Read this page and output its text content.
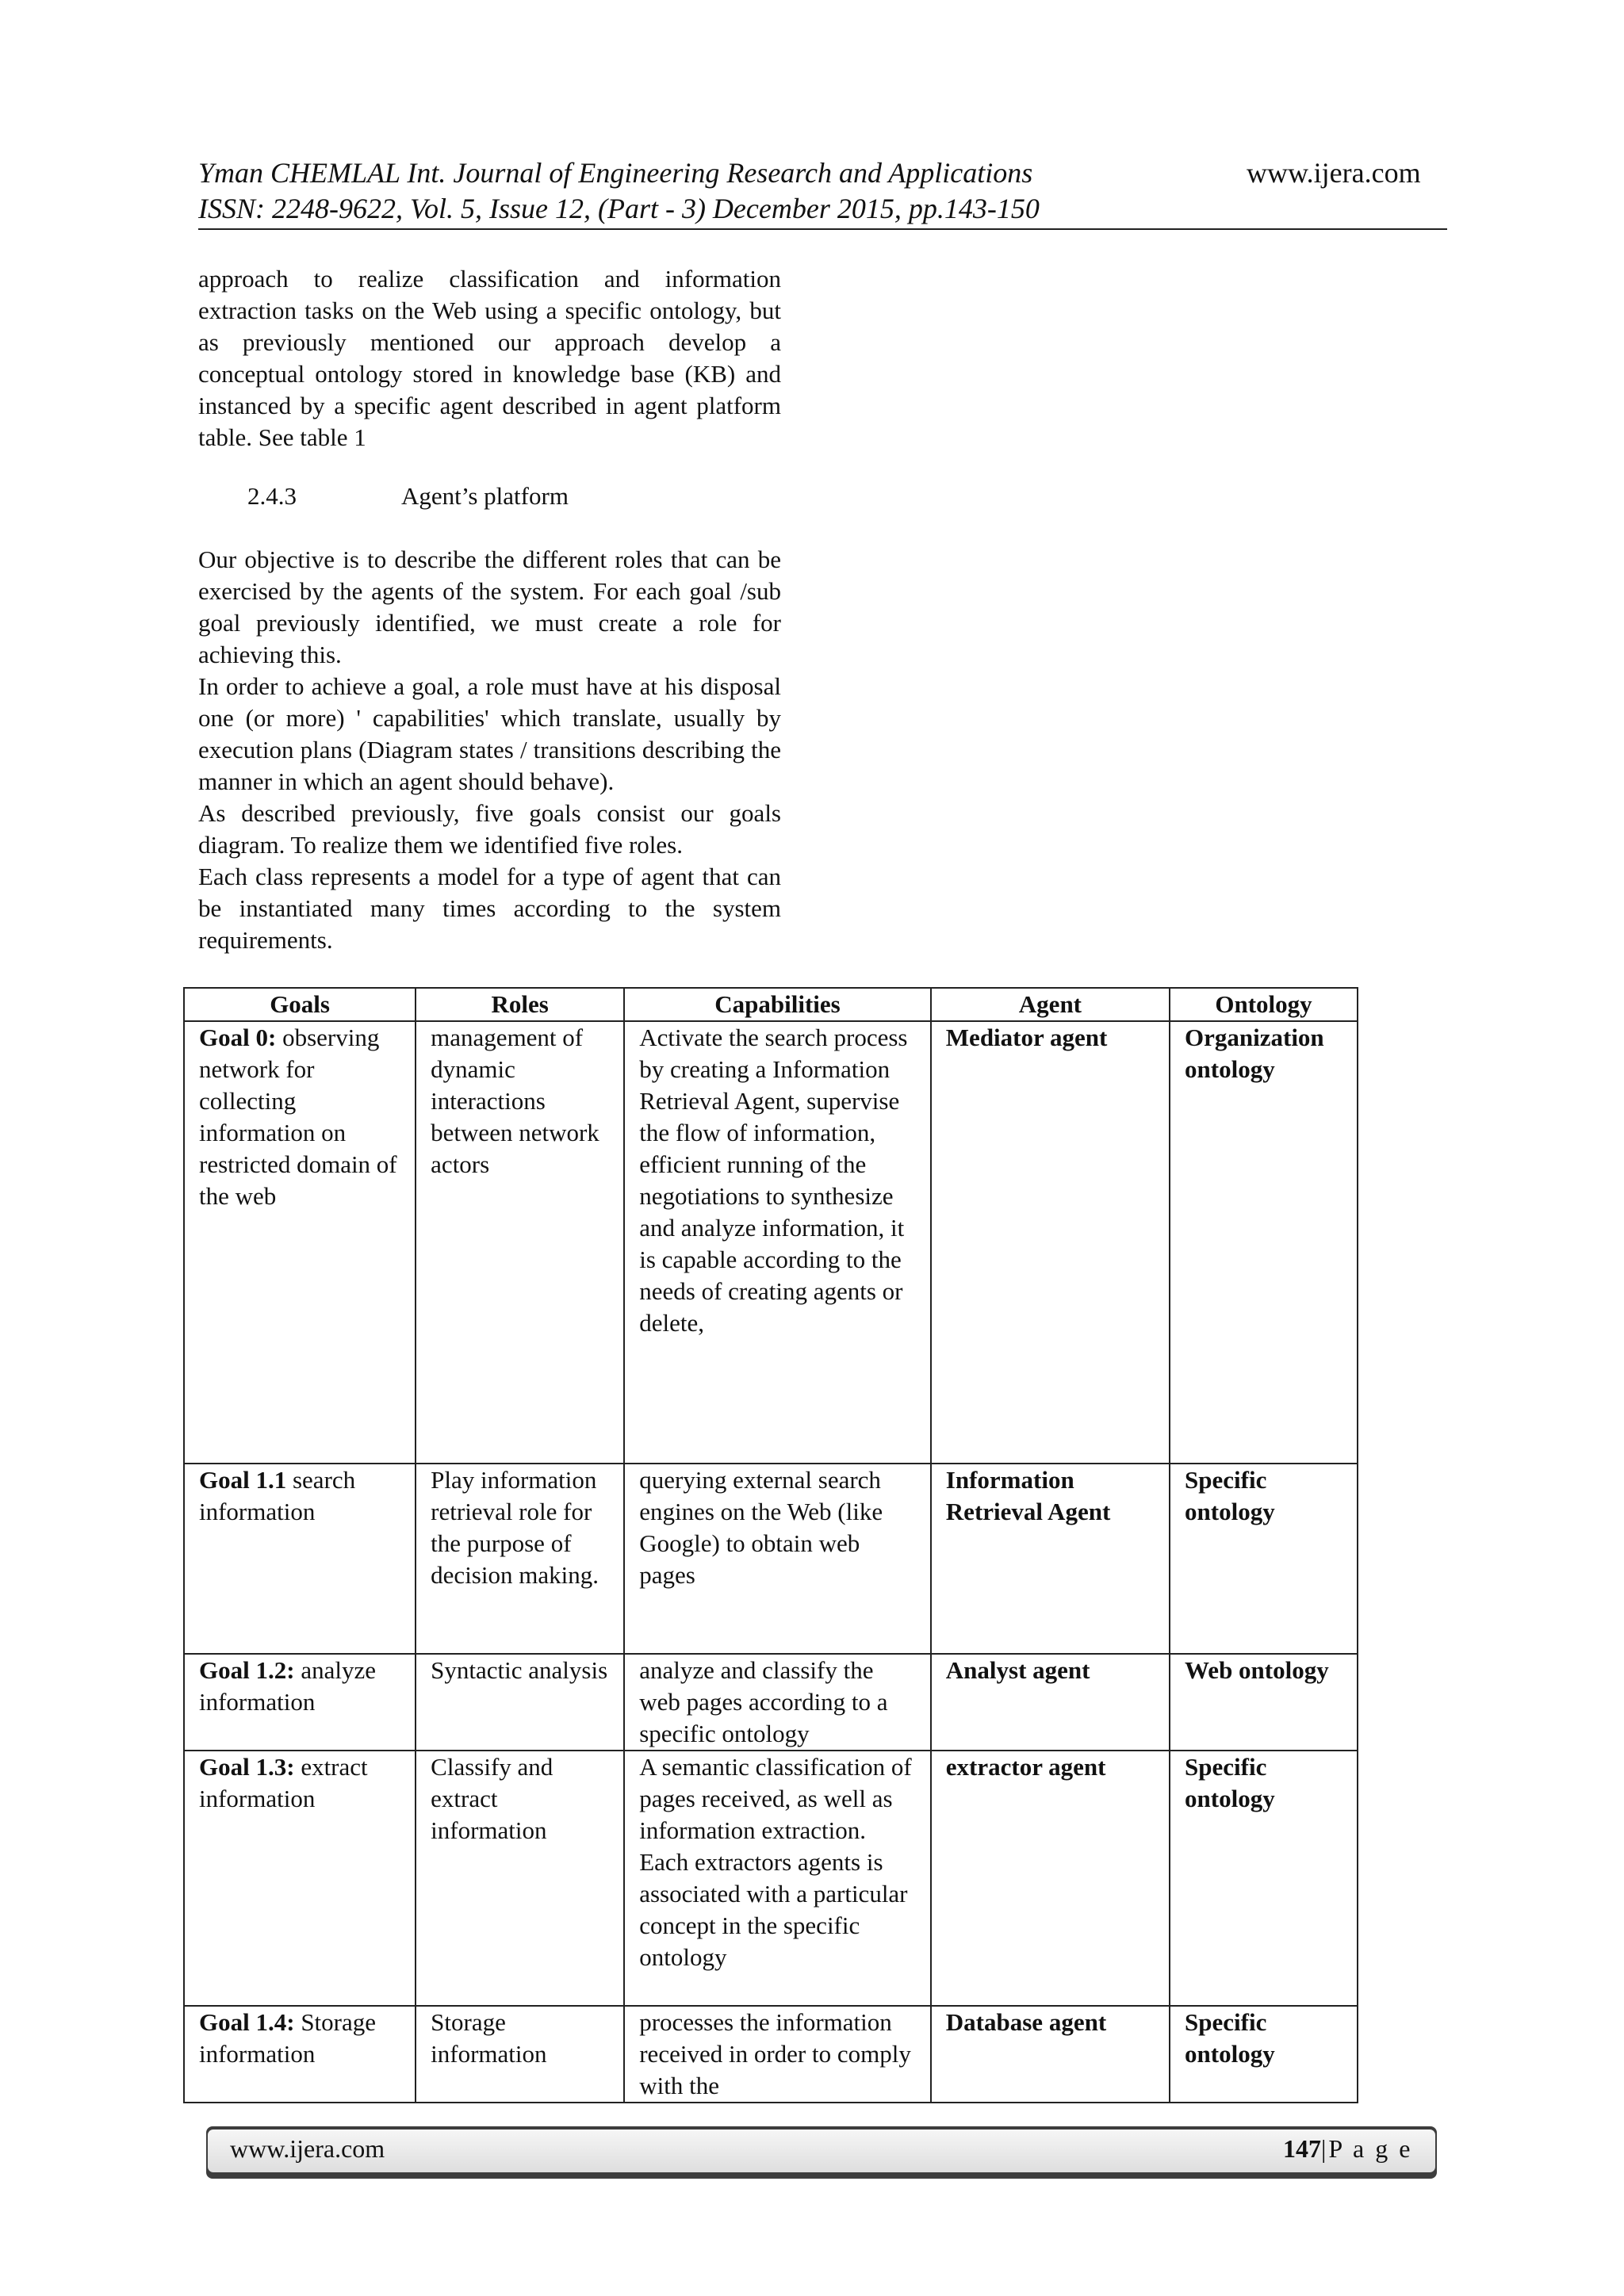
Yman CHEMLAL Int. Journal of Engineering Research and Applications
ISSN: 2248-9622, Vol. 5, Issue 12, (Part - 3) December 2015, pp.143-150
www.ijera.com

approach to realize classification and information extraction tasks on the Web using a specific ontology, but as previously mentioned our approach develop a conceptual ontology stored in knowledge base (KB) and instanced by a specific agent described in agent platform table. See table 1

2.4.3	Agent’s platform

Our objective is to describe the different roles that can be exercised by the agents of the system. For each goal /sub goal previously identified, we must create a role for achieving this.

In order to achieve a goal, a role must have at his disposal one (or more) ' capabilities' which translate, usually by execution plans (Diagram states / transitions describing the manner in which an agent should behave).

As described previously, five goals consist our goals diagram. To realize them we identified five roles.

Each class represents a model for a type of agent that can be instantiated many times according to the system requirements.

Goals	Roles	Capabilities	Agent	Ontology
Goal 0: observing network for collecting information on restricted domain of the web	management of dynamic interactions between network actors	Activate the search process by creating a Information Retrieval Agent, supervise the flow of information, efficient running of the negotiations to synthesize and analyze information, it is capable according to the needs of creating agents or delete,	Mediator agent	Organization ontology
Goal 1.1 search information	Play information retrieval role for the purpose of decision making.	querying external search engines on the Web (like Google) to obtain web pages	Information Retrieval Agent	Specific ontology
Goal 1.2: analyze information	Syntactic analysis	analyze and classify the web pages according to a specific ontology	Analyst agent	Web ontology
Goal 1.3: extract information	Classify and extract information	A semantic classification of pages received, as well as information extraction. Each extractors agents is associated with a particular concept in the specific ontology	extractor agent	Specific ontology
Goal 1.4: Storage information	Storage information	processes the information received in order to comply with the	Database agent	Specific ontology
www.ijera.com	147|P a g e
